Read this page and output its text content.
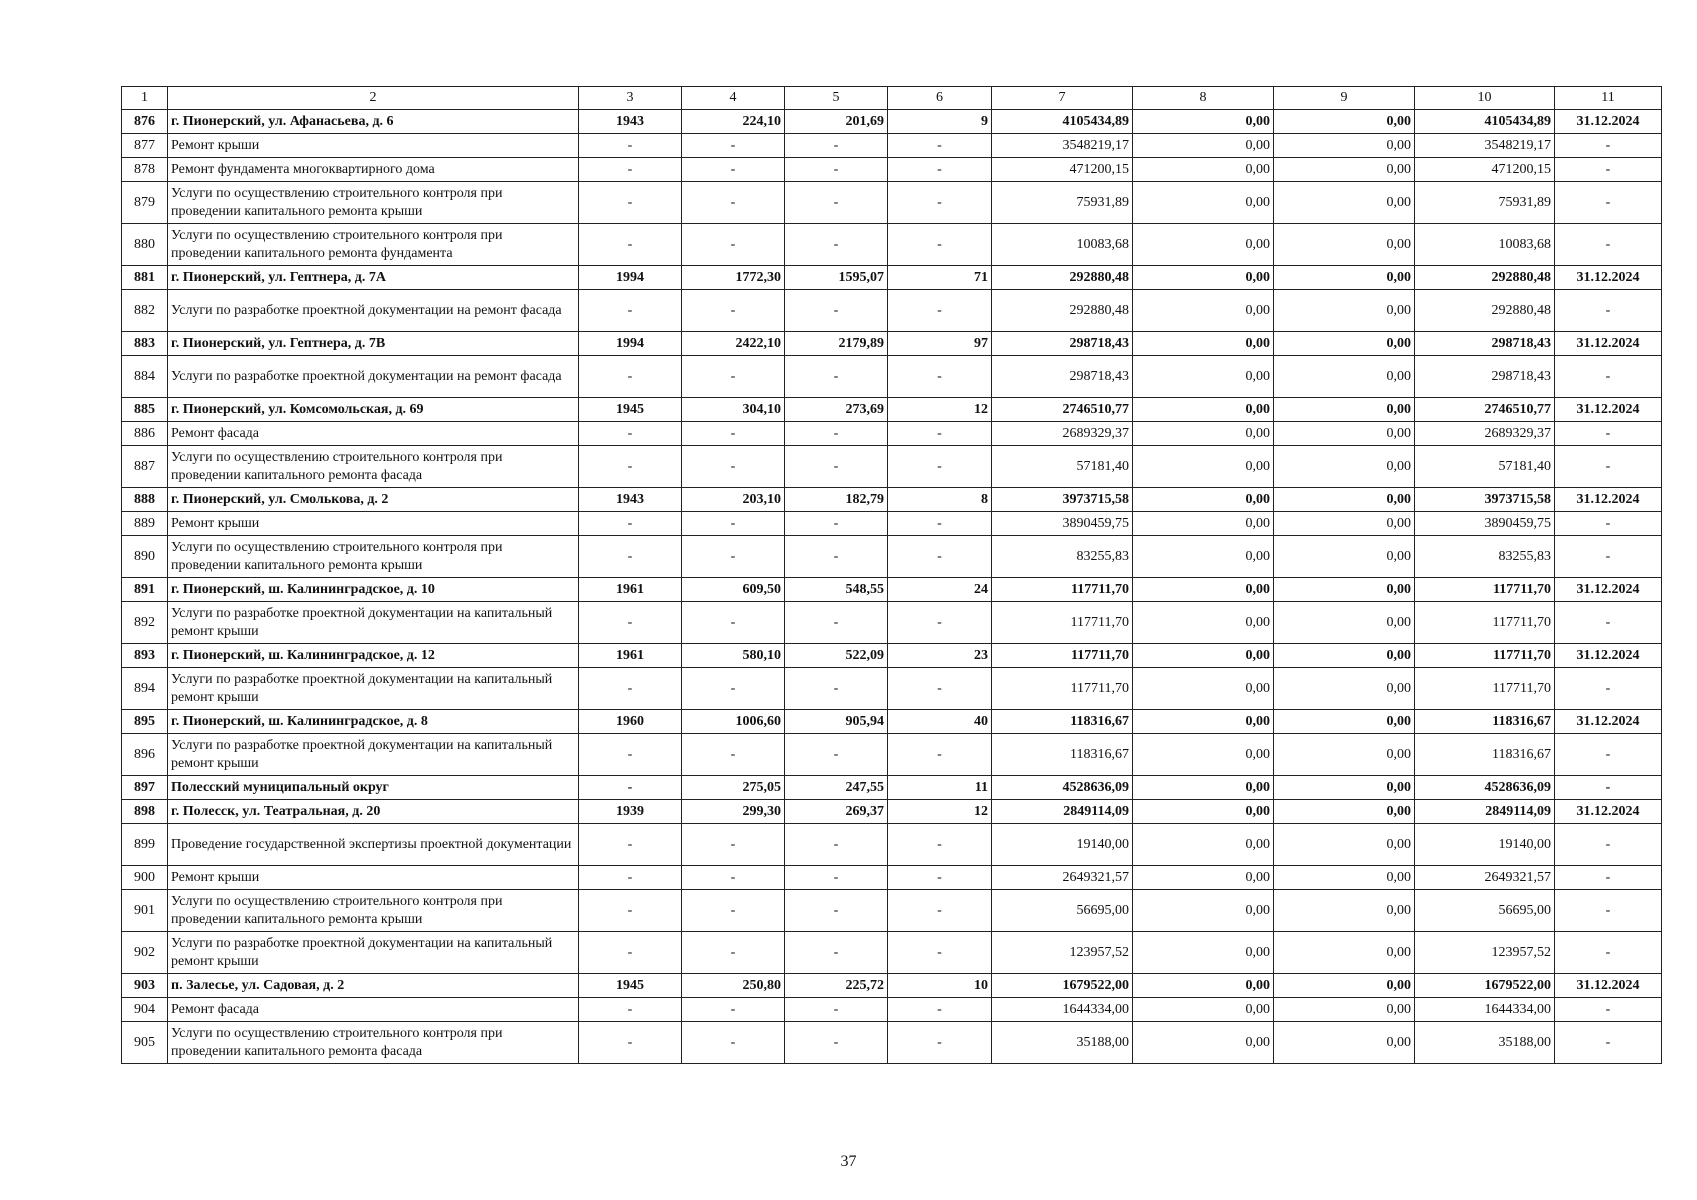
1	2	3	4	5	6	7	8	9	10	11
876	г. Пионерский, ул. Афанасьева, д. 6	1943	224,10	201,69	9	4105434,89	0,00	0,00	4105434,89	31.12.2024
877	Ремонт крыши	-	-	-	-	3548219,17	0,00	0,00	3548219,17	-
878	Ремонт фундамента многоквартирного дома	-	-	-	-	471200,15	0,00	0,00	471200,15	-
879	Услуги по осуществлению строительного контроля при проведении капитального ремонта крыши	-	-	-	-	75931,89	0,00	0,00	75931,89	-
880	Услуги по осуществлению строительного контроля при проведении капитального ремонта фундамента	-	-	-	-	10083,68	0,00	0,00	10083,68	-
881	г. Пионерский, ул. Гептнера, д. 7А	1994	1772,30	1595,07	71	292880,48	0,00	0,00	292880,48	31.12.2024
882	Услуги по разработке проектной документации на ремонт фасада	-	-	-	-	292880,48	0,00	0,00	292880,48	-
883	г. Пионерский, ул. Гептнера, д. 7В	1994	2422,10	2179,89	97	298718,43	0,00	0,00	298718,43	31.12.2024
884	Услуги по разработке проектной документации на ремонт фасада	-	-	-	-	298718,43	0,00	0,00	298718,43	-
885	г. Пионерский, ул. Комсомольская, д. 69	1945	304,10	273,69	12	2746510,77	0,00	0,00	2746510,77	31.12.2024
886	Ремонт фасада	-	-	-	-	2689329,37	0,00	0,00	2689329,37	-
887	Услуги по осуществлению строительного контроля при проведении капитального ремонта фасада	-	-	-	-	57181,40	0,00	0,00	57181,40	-
888	г. Пионерский, ул. Смолькова, д. 2	1943	203,10	182,79	8	3973715,58	0,00	0,00	3973715,58	31.12.2024
889	Ремонт крыши	-	-	-	-	3890459,75	0,00	0,00	3890459,75	-
890	Услуги по осуществлению строительного контроля при проведении капитального ремонта крыши	-	-	-	-	83255,83	0,00	0,00	83255,83	-
891	г. Пионерский, ш. Калининградское, д. 10	1961	609,50	548,55	24	117711,70	0,00	0,00	117711,70	31.12.2024
892	Услуги по разработке проектной документации на капитальный ремонт крыши	-	-	-	-	117711,70	0,00	0,00	117711,70	-
893	г. Пионерский, ш. Калининградское, д. 12	1961	580,10	522,09	23	117711,70	0,00	0,00	117711,70	31.12.2024
894	Услуги по разработке проектной документации на капитальный ремонт крыши	-	-	-	-	117711,70	0,00	0,00	117711,70	-
895	г. Пионерский, ш. Калининградское, д. 8	1960	1006,60	905,94	40	118316,67	0,00	0,00	118316,67	31.12.2024
896	Услуги по разработке проектной документации на капитальный ремонт крыши	-	-	-	-	118316,67	0,00	0,00	118316,67	-
897	Полесский муниципальный округ	-	275,05	247,55	11	4528636,09	0,00	0,00	4528636,09	-
898	г. Полесск, ул. Театральная, д. 20	1939	299,30	269,37	12	2849114,09	0,00	0,00	2849114,09	31.12.2024
899	Проведение государственной экспертизы проектной документации	-	-	-	-	19140,00	0,00	0,00	19140,00	-
900	Ремонт крыши	-	-	-	-	2649321,57	0,00	0,00	2649321,57	-
901	Услуги по осуществлению строительного контроля при проведении капитального ремонта крыши	-	-	-	-	56695,00	0,00	0,00	56695,00	-
902	Услуги по разработке проектной документации на капитальный ремонт крыши	-	-	-	-	123957,52	0,00	0,00	123957,52	-
903	п. Залесье, ул. Садовая, д. 2	1945	250,80	225,72	10	1679522,00	0,00	0,00	1679522,00	31.12.2024
904	Ремонт фасада	-	-	-	-	1644334,00	0,00	0,00	1644334,00	-
905	Услуги по осуществлению строительного контроля при проведении капитального ремонта фасада	-	-	-	-	35188,00	0,00	0,00	35188,00	-
37
